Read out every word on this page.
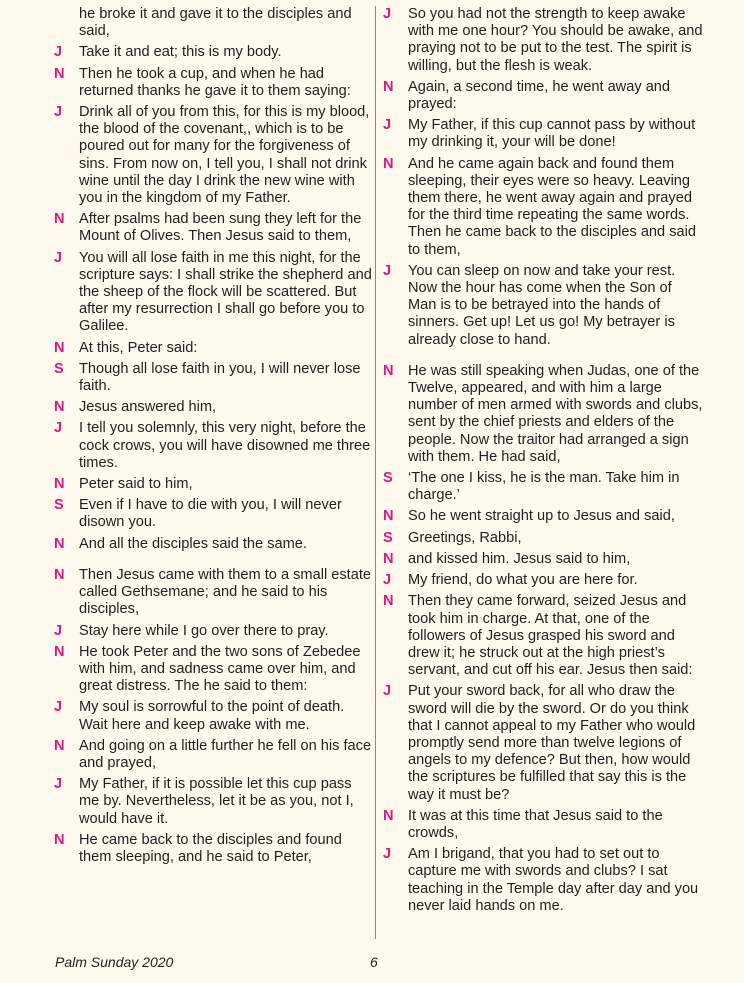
he broke it and gave it to the disciples and said,
J	Take it and eat; this is my body.
N Then he took a cup, and when he had returned thanks he gave it to them saying:
J	Drink all of you from this, for this is my blood, the blood of the covenant,, which is to be poured out for many for the forgiveness of sins. From now on, I tell you, I shall not drink wine until the day I drink the new wine with you in the kingdom of my Father.
N After psalms had been sung they left for the Mount of Olives. Then Jesus said to them,
J	You will all lose faith in me this night, for the scripture says: I shall strike the shepherd and the sheep of the flock will be scattered. But after my resurrection I shall go before you to Galilee.
N At this, Peter said:
S	Though all lose faith in you, I will never lose faith.
N Jesus answered him,
J	I tell you solemnly, this very night, before the cock crows, you will have disowned me three times.
N Peter said to him,
S	Even if I have to die with you, I will never disown you.
N And all the disciples said the same.
N Then Jesus came with them to a small estate called Gethsemane; and he said to his disciples,
J	Stay here while I go over there to pray.
N He took Peter and the two sons of Zebedee with him, and sadness came over him, and great distress. The he said to them:
J	My soul is sorrowful to the point of death. Wait here and keep awake with me.
N And going on a little further he fell on his face and prayed,
J	My Father, if it is possible let this cup pass me by. Nevertheless, let it be as you, not I, would have it.
N He came back to the disciples and found them sleeping, and he said to Peter,
J	So you had not the strength to keep awake with me one hour? You should be awake, and praying not to be put to the test. The spirit is willing, but the flesh is weak.
N Again, a second time, he went away and prayed:
J	My Father, if this cup cannot pass by without my drinking it, your will be done!
N And he came again back and found them sleeping, their eyes were so heavy. Leaving them there, he went away again and prayed for the third time repeating the same words. Then he came back to the disciples and said to them,
J	You can sleep on now and take your rest. Now the hour has come when the Son of Man is to be betrayed into the hands of sinners. Get up! Let us go! My betrayer is already close to hand.
N He was still speaking when Judas, one of the Twelve, appeared, and with him a large number of men armed with swords and clubs, sent by the chief priests and elders of the people. Now the traitor had arranged a sign with them. He had said,
S	‘The one I kiss, he is the man. Take him in charge.’
N So he went straight up to Jesus and said,
S	Greetings, Rabbi,
N and kissed him. Jesus said to him,
J	My friend, do what you are here for.
N Then they came forward, seized Jesus and took him in charge. At that, one of the followers of Jesus grasped his sword and drew it; he struck out at the high priest’s servant, and cut off his ear. Jesus then said:
J	Put your sword back, for all who draw the sword will die by the sword. Or do you think that I cannot appeal to my Father who would promptly send more than twelve legions of angels to my defence? But then, how would the scriptures be fulfilled that say this is the way it must be?
N It was at this time that Jesus said to the crowds,
J	Am I brigand, that you had to set out to capture me with swords and clubs? I sat teaching in the Temple day after day and you never laid hands on me.
Palm Sunday 2020	6
